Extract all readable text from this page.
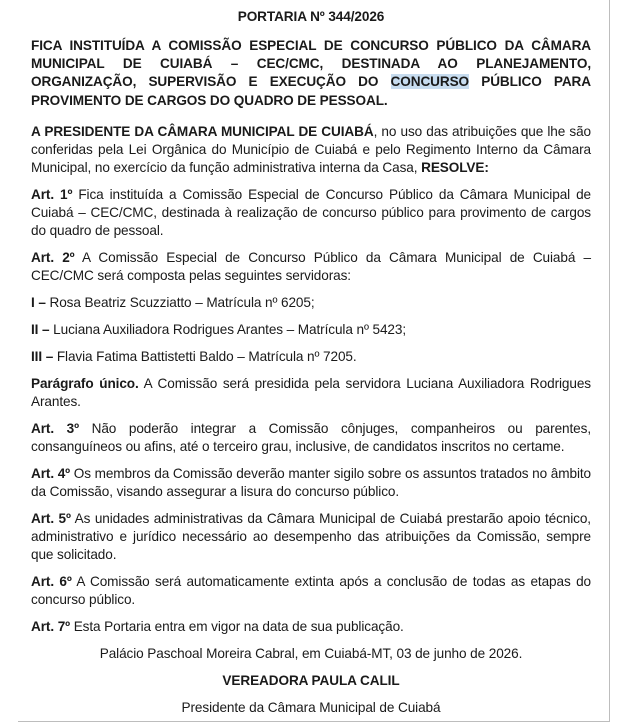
PORTARIA Nº 344/2026
FICA INSTITUÍDA A COMISSÃO ESPECIAL DE CONCURSO PÚBLICO DA CÂMARA MUNICIPAL DE CUIABÁ – CEC/CMC, DESTINADA AO PLANEJAMENTO, ORGANIZAÇÃO, SUPERVISÃO E EXECUÇÃO DO CONCURSO PÚBLICO PARA PROVIMENTO DE CARGOS DO QUADRO DE PESSOAL.

A PRESIDENTE DA CÂMARA MUNICIPAL DE CUIABÁ, no uso das atribuições que lhe são conferidas pela Lei Orgânica do Município de Cuiabá e pelo Regimento Interno da Câmara Municipal, no exercício da função administrativa interna da Casa, RESOLVE:

Art. 1º Fica instituída a Comissão Especial de Concurso Público da Câmara Municipal de Cuiabá – CEC/CMC, destinada à realização de concurso público para provimento de cargos do quadro de pessoal.

Art. 2º A Comissão Especial de Concurso Público da Câmara Municipal de Cuiabá – CEC/CMC será composta pelas seguintes servidoras:

I – Rosa Beatriz Scuzziatto – Matrícula nº 6205;

II – Luciana Auxiliadora Rodrigues Arantes – Matrícula nº 5423;

III – Flavia Fatima Battistetti Baldo – Matrícula nº 7205.

Parágrafo único. A Comissão será presidida pela servidora Luciana Auxiliadora Rodrigues Arantes.

Art. 3º Não poderão integrar a Comissão cônjuges, companheiros ou parentes, consanguíneos ou afins, até o terceiro grau, inclusive, de candidatos inscritos no certame.

Art. 4º Os membros da Comissão deverão manter sigilo sobre os assuntos tratados no âmbito da Comissão, visando assegurar a lisura do concurso público.

Art. 5º As unidades administrativas da Câmara Municipal de Cuiabá prestarão apoio técnico, administrativo e jurídico necessário ao desempenho das atribuições da Comissão, sempre que solicitado.

Art. 6º A Comissão será automaticamente extinta após a conclusão de todas as etapas do concurso público.

Art. 7º Esta Portaria entra em vigor na data de sua publicação.

Palácio Paschoal Moreira Cabral, em Cuiabá-MT, 03 de junho de 2026.

VEREADORA PAULA CALIL
Presidente da Câmara Municipal de Cuiabá
